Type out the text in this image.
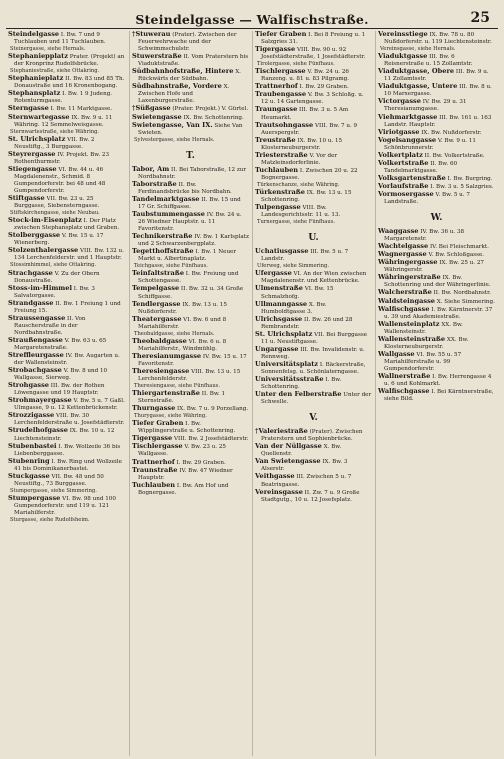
Steindelgasse — Walfischstraße.	25
Steindelgasse I. Bw. 7 und 9 Tuchlauben und 11 Tuchlauben.
Steinergasse, siehe Hernals.
Stephaniepplatz Prater. (Projekt) an der Kronprinz Rudolfsbrücke.
Stephaniestraße, siehe Ottakring.
Stephanieplatz II. Bw. 83 und 85 Th. Donaustraße und 16 Kronenbogang.
Stephansplatz I. Bw. 1 9 Judeng. Rotenturmgasse.
Sterngasse I. Bw. 11 Marktgasse.
Sternwartegasse IX. Bw. 9 u. 11 Währing. 12 Semmelweisgasse.
Sternwartestraße, siehe Währing.
St. Ulrichsplatz VII. Bw. 2 Neustiftg., 3 Burggasse.
Steyrergasse IV. Projekt. Bw. 23 Rothenthurmstr.
Stiegengasse VI. Bw. 44 u. 46 Magdalenenstr., Schmid. 8 Gumpendorferstr. bei 48 und 48 Gumpendorferstr.
Stiftgasse VII. Bw. 23 u. 25 Burggasse, Siebensterngasse.
Stiftskirchengasse, siehe Neubau.
Stock-im-Eisenplatz I. Der Platz zwischen Stephansplatz und Graben.
Stolberggasse V. Bw. 15 u. 17 Wienerberg.
Stolzenthalergasse VIII. Bw. 132 u. 134 Lerchenfelderstr. und 1 Hauptstr.
Stossimhimmel, siehe Ottakring.
Strachgasse V. Zu der Obern Donaustraße.
Stoss-im-Himmel I. Bw. 3 Salvatorgasse.
Strandgasse II. Bw. 1 Freiung 1 und Freiung 15.
Straussengasse II. Von Rauscherstraße in der Nordbahnstraße.
Straußengasse V. Bw. 63 u. 65 Margaretenstraße.
Streffleurgasse IV. Bw. Augarten u. der Wallensteinstr.
Strobachgasse V. Bw. 8 und 10 Wallgasse, Sierweg.
Strohgasse III. Bw. der Rothen Löwengasse und 19 Hauptstr.
Strohmayergasse V. Bw. 5 u. 7 Gaßl. Ulmgasse, 9 u. 12 Kettenbrückenstr.
Strozzigasse VIII. Bw. 30 Lerchenfelderstraße u. Josefstädterstr.
Strudelhofgasse IX. Bw. 10 u. 12 Liechtensteinstr.
Stubenbastei I. Bw. Wollzeile 36 bis Liebenberggasse.
Stubenring I. Bw. Ring und Wollzeile 41 bis Dominikanerbastei.
Stuckgasse VII. Bw. 48 und 50 Neustiftg., 73 Burggasse.
Stumpergasse, siehe Simmering.
Stumpergasse VI. Bw. 98 und 100 Gumpendorferstr. und 119 u. 121 Mariahilferstr.
Sturgasse, siehe Rudolfsheim.
†Stuwerau (Prater). Zwischen der Feuerwehrwache und der Schwimmschulstr.
Stuwerstraße II. Vom Praterstern bis Viaduktstraße.
Südbahnhofstraße, Hintere X. Rückwärts der Südbahn.
Südbahnstraße, Vordere X. Zwischen Hofe und Laxenburgerstraße.
†Süßgasse (Prater. Projekt.) V. Gürtel.
Swietengasse IX. Bw. Schottenring.
Swietengasse, Van IX. Siehe Van Swieten.
Sylvestergasse, siehe Hernals.
T.
Tabor, Am II. Bei Taborstraße, 12 zur Nordbahnstr.
Taborstraße II. Bw. Ferdinandsbrücke bis Nordbahn.
Tandelmarktgasse II. Bw. 15 und 17 Gr. Schiffgasse.
Taubstummengasse IV. Bw. 24 u. 26 Wiedner Hauptstr. u. 11 Favoritenstr.
Technikerstraße IV. Bw. 1 Karlsplatz und 2 Schwarzenbergplatz.
Tegetthoffstraße I. Bw. 1 Neuer Markt u. Albertinaplatz.
Teichgasse, siehe Fünfhaus.
Teinfaltstraße I. Bw. Freiung und Schottengasse.
Tempelgasse II. Bw. 32 u. 34 Große Schiffgasse.
Tendlergasse IX. Bw. 13 u. 15 Nußdorferstr.
Theatergasse VI. Bw. 6 und 8 Mariahilferstr.
Theobaldgasse, siehe Hernals.
Theobaldgasse VI. Bw. 6 u. 8 Mariahilferstr., Windmühlg.
Theresianumgasse IV. Bw. 15 u. 17 Favoritenstr.
Theresiengasse VIII. Bw. 13 u. 15 Lerchenfelderstr.
Theresiengasse, siehe Fünfhaus.
Thiergartenstraße II. Bw. 1 Sternstraße.
Thurngasse IX. Bw. 7 u. 9 Porzellang.
Thurygasse, siehe Währing.
Tiefer Graben I. Bw. Wipplingerstraße u. Schottenring.
Tigergasse VIII. Bw. 2 Josefstädterstr.
Tischlergasse V. Bw. 23 u. 25 Wallgasse.
Trattnerhof I. Bw. 29 Graben.
Traunstraße IV. Bw. 47 Wiedner Hauptstr.
Tuchlauben I. Bw. Am Hof und Bognergasse.
Tiefer Graben I. Bei 8 Freiung u. 1 Salzgries 31.
Tigergasse VIII. Bw. 90 u. 92 Josefstädterstraße, 1 Josefstädterstr.
Tirolergasse, siehe Fünfhaus.
Tischlergasse V. Bw. 24 u. 26 Ranzeng. u. 81 u. 83 Pilgramg.
Trattnerhof I. Bw. 29 Graben.
Traubengasse V. Bw. 3 Schloßg. u. 12 u. 14 Gartengasse.
Traungasse III. Bw. 3 u. 5 Am Heumarkt.
Trautsohngasse VIII. Bw. 7 u. 9 Auerspergstr.
Treustraße IX. Bw. 10 u. 15 Klosterneuburgerstr.
Triesterstraße V. Vor der Matzleinsdorferlinie.
Tuchlauben I. Zwischen 20 u. 22 Bognergasse.
Türkenschanze, siehe Währing.
Türkenstraße IX. Bw. 13 u. 15 Schottenring.
Tulpengasse VIII. Bw. Landesgerichtsstr. 11 u. 13.
Turnergasse, siehe Fünfhaus.
U.
Uchatiusgasse III. Bw. 5 u. 7 Landstr.
Uferweg, siehe Simmering.
Ufergasse VI. An der Wien zwischen Magdalenenstr. und Kettenbrücke.
Ulmenstraße VI. Bw. 15 Schmalzhofg.
Ullmanngasse X. Bw. Humboldtgasse 3.
Ulrichsgasse II. Bw. 26 und 28 Rembrandstr.
St. Ulrichsplatz VII. Bei Burggasse 11 u. Neustiftgasse.
Ungargasse III. Bw. Invalidenstr. u. Rennweg.
Universitätsplatz I. Bäckerstraße, Sonnenfelsg. u. Schönlaterngasse.
Universitätsstraße I. Bw. Schottenring.
Unter den Felberstraße Unter der Schwelle.
V.
†Valeriestraße (Prater). Zwischen Praterstern und Sophienbrücke.
Van der Nüllgasse X. Bw. Quellenstr.
Van Swietengasse IX. Bw. 3 Alserstr.
Veithgasse III. Zwischen 5 u. 7 Beatrixgasse.
Vereinsgasse II. Zw. 7 u. 9 Große Stadtgutg., 10 u. 12 Josefsplatz.
Vereinsstiege IX. Bw. 78 u. 80 Nußdorferstr. u. 119 Liechtensteinstr.
Vereinsgasse, siehe Hernals.
Viaduktgasse III. Bw. 6 Reisnerstraße u. 15 Zollamtstr.
Viaduktgasse, Obere III. Bw. 9 u. 11 Zollamtsstr.
Viaduktgasse, Untere III. Bw. 8 u. 10 Marxergasse.
Victorgasse IV. Bw. 29 u. 31 Theresianumgasse.
Viehmarktgasse III. Bw. 161 u. 163 Landstr. Hauptstr.
Viriotgasse IX. Bw. Nußdorferstr.
Vogelsanggasse V. Bw. 9 u. 11 Schönbrunnerstr.
Volkertplatz II. Bw. Volkertstraße.
Volkertstraße II. Bw. 60 Tandelmarktgasse.
Volksgartenstraße I. Bw. Burgring.
Vorlaufstraße I. Bw. 3 u. 5 Salzgries.
Vormosergasse V. Bw. 5 u. 7 Landstraße.
W.
Waaggasse IV. Bw. 36 u. 38 Margaretenstr.
Wachtelgasse IV. Bei Fleischmarkt.
Wagnergasse V. Bw. Schloßgasse.
Währingergasse IX. Bw. 25 u. 27 Währingerstr.
Währingerstraße IX. Bw. Schottenring und der Währingerlinie.
Walcherstraße II. Bw. Nordbahnstr.
Waldsteingasse X. Siehe Simmering.
Walfischgasse I. Bw. Kärntnerstr. 37 u. 39 und Akademiestraße.
Wallensteinplatz XX. Bw. Wallensteinstr.
Wallensteinstraße XX. Bw. Klosterneuburgerstr.
Wallgasse VI. Bw. 55 u. 57 Mariahilferstraße u. 99 Gumpendorferstr.
Wallnerstraße I. Bw. Herrengasse 4 u. 6 und Kohlmarkt.
Walfischgasse I. Bei Kärntnerstraße, siehe Bild.
